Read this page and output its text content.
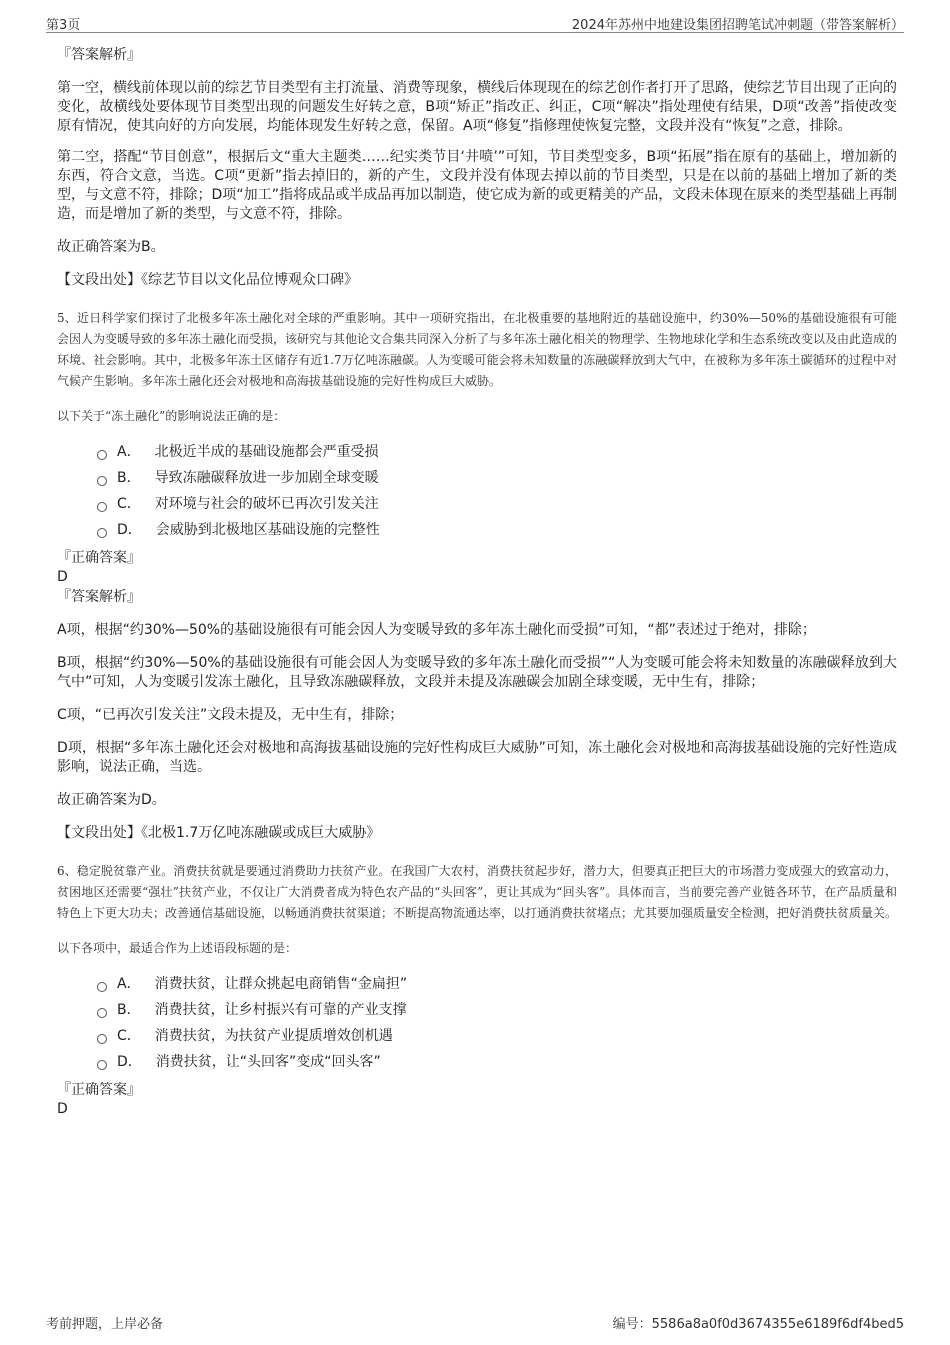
第3页	2024年苏州中地建设集团招聘笔试冲刺题（带答案解析）

『答案解析』

第一空，横线前体现以前的综艺节目类型有主打流量、消费等现象，横线后体现现在的综艺创作者打开了思路，使综艺节目出现了正向的变化，故横线处要体现节目类型出现的问题发生好转之意，B项“矫正”指改正、纠正，C项“解决”指处理使有结果，D项“改善”指使改变原有情况，使其向好的方向发展，均能体现发生好转之意，保留。A项“修复”指修理使恢复完整，文段并没有“恢复”之意，排除。

第二空，搭配“节目创意”，根据后文“重大主题类……纪实类节目‘井喷’”可知，节目类型变多，B项“拓展”指在原有的基础上，增加新的东西，符合文意，当选。C项“更新”指去掉旧的，新的产生，文段并没有体现去掉以前的节目类型，只是在以前的基础上增加了新的类型，与文意不符，排除；D项“加工”指将成品或半成品再加以制造，使它成为新的或更精美的产品，文段未体现在原来的类型基础上再制造，而是增加了新的类型，与文意不符，排除。

故正确答案为B。

【文段出处】《综艺节目以文化品位博观众口碑》

5、近日科学家们探讨了北极多年冻土融化对全球的严重影响。其中一项研究指出，在北极重要的基地附近的基础设施中，约30%—50%的基础设施很有可能会因人为变暖导致的多年冻土融化而受损，该研究与其他论文合集共同深入分析了与多年冻土融化相关的物理学、生物地球化学和生态系统改变以及由此造成的环境、社会影响。其中，北极多年冻土区储存有近1.7万亿吨冻融碳。人为变暖可能会将未知数量的冻融碳释放到大气中，在被称为多年冻土碳循环的过程中对气候产生影响。多年冻土融化还会对极地和高海拔基础设施的完好性构成巨大威胁。

以下关于“冻土融化”的影响说法正确的是：

A． 北极近半成的基础设施都会严重受损
B． 导致冻融碳释放进一步加剧全球变暖
C． 对环境与社会的破坏已再次引发关注
D． 会威胁到北极地区基础设施的完整性

『正确答案』

D

『答案解析』

A项，根据“约30%—50%的基础设施很有可能会因人为变暖导致的多年冻土融化而受损”可知，“都”表述过于绝对，排除；

B项，根据“约30%—50%的基础设施很有可能会因人为变暖导致的多年冻土融化而受损”“人为变暖可能会将未知数量的冻融碳释放到大气中”可知，人为变暖引发冻土融化，且导致冻融碳释放，文段并未提及冻融碳会加剧全球变暖，无中生有，排除；

C项，“已再次引发关注”文段未提及，无中生有，排除；

D项，根据“多年冻土融化还会对极地和高海拔基础设施的完好性构成巨大威胁”可知，冻土融化会对极地和高海拔基础设施的完好性造成影响，说法正确，当选。

故正确答案为D。

【文段出处】《北极1.7万亿吨冻融碳或成巨大威胁》

6、稳定脱贫靠产业。消费扶贫就是要通过消费助力扶贫产业。在我国广大农村，消费扶贫起步好，潜力大，但要真正把巨大的市场潜力变成强大的致富动力，贫困地区还需要“强壮”扶贫产业，不仅让广大消费者成为特色农产品的“头回客”，更让其成为“回头客”。具体而言，当前要完善产业链各环节，在产品质量和特色上下更大功夫；改善通信基础设施，以畅通消费扶贫渠道；不断提高物流通达率，以打通消费扶贫堵点；尤其要加强质量安全检测，把好消费扶贫质量关。

以下各项中，最适合作为上述语段标题的是：

A． 消费扶贫，让群众挑起电商销售“金扁担”
B． 消费扶贫，让乡村振兴有可靠的产业支撑
C． 消费扶贫，为扶贫产业提质增效创机遇
D． 消费扶贫，让“头回客”变成“回头客”

『正确答案』

D

考前押题，上岸必备	编号：5586a8a0f0d3674355e6189f6df4bed5
